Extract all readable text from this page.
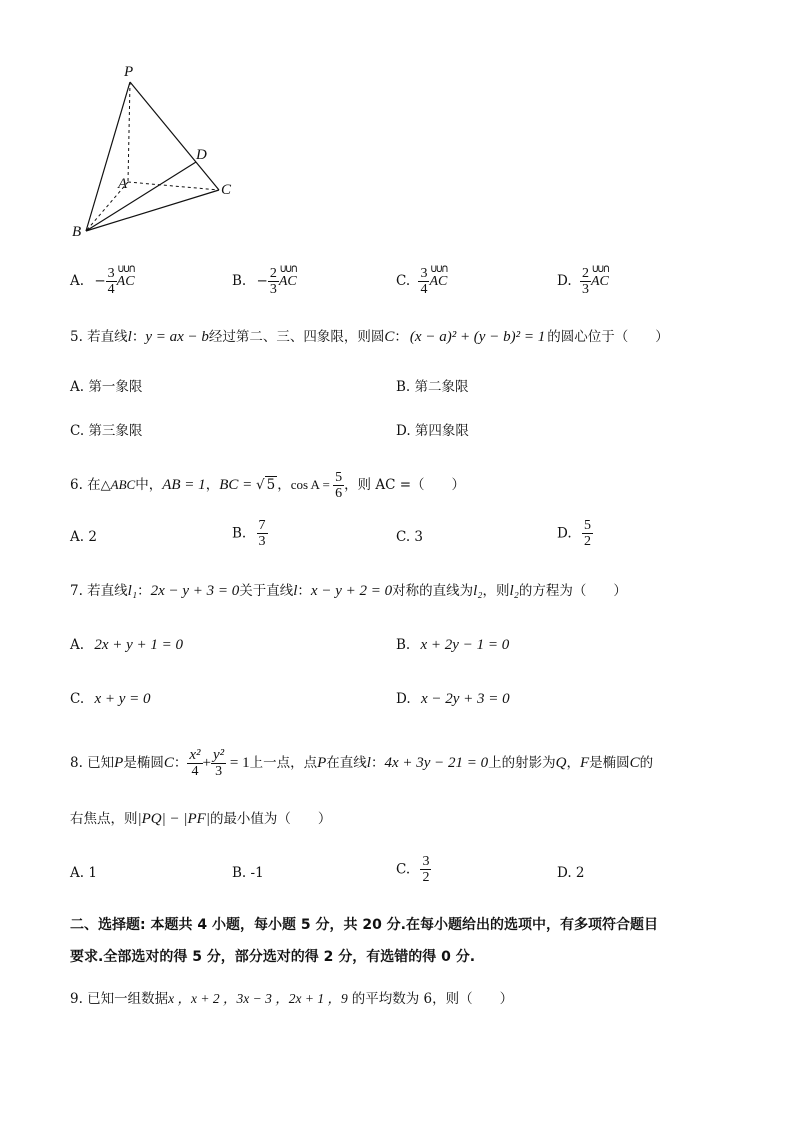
P
D
A	C
B
A. − $\frac{3}{4}$ ꓴꓴꓵ
AC	B. − $\frac{2}{3}$ ꓴꓴꓵ
AC	C. $\frac{3}{4}$ ꓴꓴꓵ
AC	D. $\frac{2}{3}$ ꓴꓴꓵ
AC
5. 若直线l：y = ax − b经过第二、三、四象限，则圆C： (x − a)² + (y − b)² = 1 的圆心位于（　　）
A. 第一象限	B. 第二象限
C. 第三象限	D. 第四象限
6. 在△ABC中，AB = 1，BC = √ 5 ，$\cos A = \frac{5}{6}$ ，则 AC =（　　）
A. 2	B. $\frac{7}{3}$	C. 3	D. $\frac{5}{2}$
7. 若直线l₁：2x − y + 3 = 0关于直线l：x − y + 2 = 0对称的直线为l₂，则l₂的方程为（　　）
A. 2x + y + 1 = 0	B. x + 2y − 1 = 0
C. x + y = 0	D. x − 2y + 3 = 0
8. 已知P是椭圆C： $\frac{\text{x²}}{4} + \frac{\text{y²}}{3} = 1$上一点，点P在直线l：4x + 3y − 21 = 0上的射影为Q，F是椭圆C的
右焦点，则|PQ| − |PF|的最小值为（　　）
A. 1	B. -1	C. $\frac{3}{2}$	D. 2
二、选择题: 本题共 4 小题，每小题 5 分，共 20 分.在每小题给出的选项中，有多项符合题目
要求.全部选对的得 5 分，部分选对的得 2 分，有选错的得 0 分.
9. 已知一组数据x ，x + 2 ，3x − 3 ，2x + 1 ，9 的平均数为 6，则（　　）
